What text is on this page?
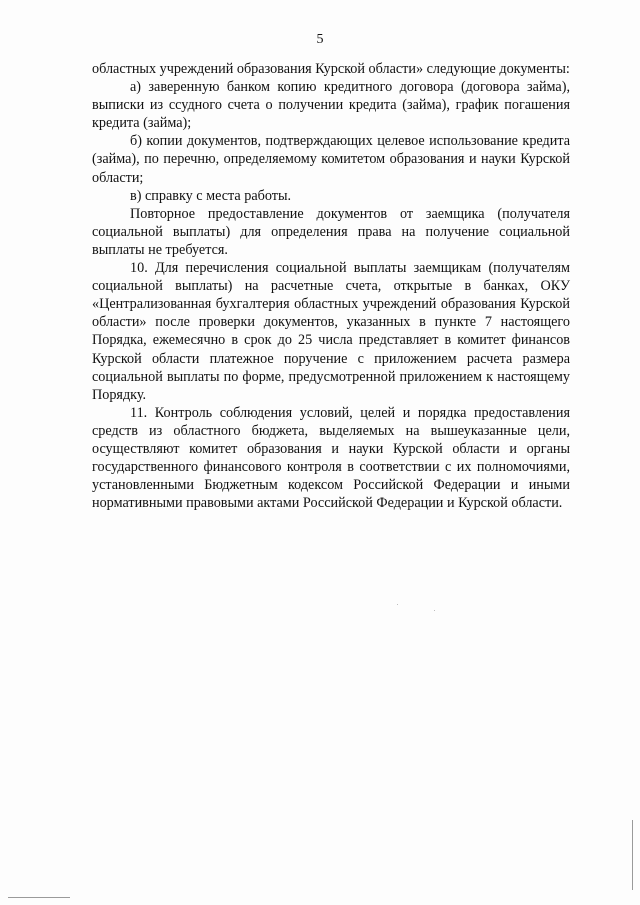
5

областных учреждений образования Курской области» следующие документы:

а) заверенную банком копию кредитного договора (договора займа), выписки из ссудного счета о получении кредита (займа), график погашения кредита (займа);

б) копии документов, подтверждающих целевое использование кредита (займа), по перечню, определяемому комитетом образования и науки Курской области;

в) справку с места работы.

Повторное предоставление документов от заемщика (получателя социальной выплаты) для определения права на получение социальной выплаты не требуется.

10. Для перечисления социальной выплаты заемщикам (получателям социальной выплаты) на расчетные счета, открытые в банках, ОКУ «Централизованная бухгалтерия областных учреждений образования Курской области» после проверки документов, указанных в пункте 7 настоящего Порядка, ежемесячно в срок до 25 числа представляет в комитет финансов Курской области платежное поручение с приложением расчета размера социальной выплаты по форме, предусмотренной приложением к настоящему Порядку.

11. Контроль соблюдения условий, целей и порядка предоставления средств из областного бюджета, выделяемых на вышеуказанные цели, осуществляют комитет образования и науки Курской области и органы государственного финансового контроля в соответствии с их полномочиями, установленными Бюджетным кодексом Российской Федерации и иными нормативными правовыми актами Российской Федерации и Курской области.
